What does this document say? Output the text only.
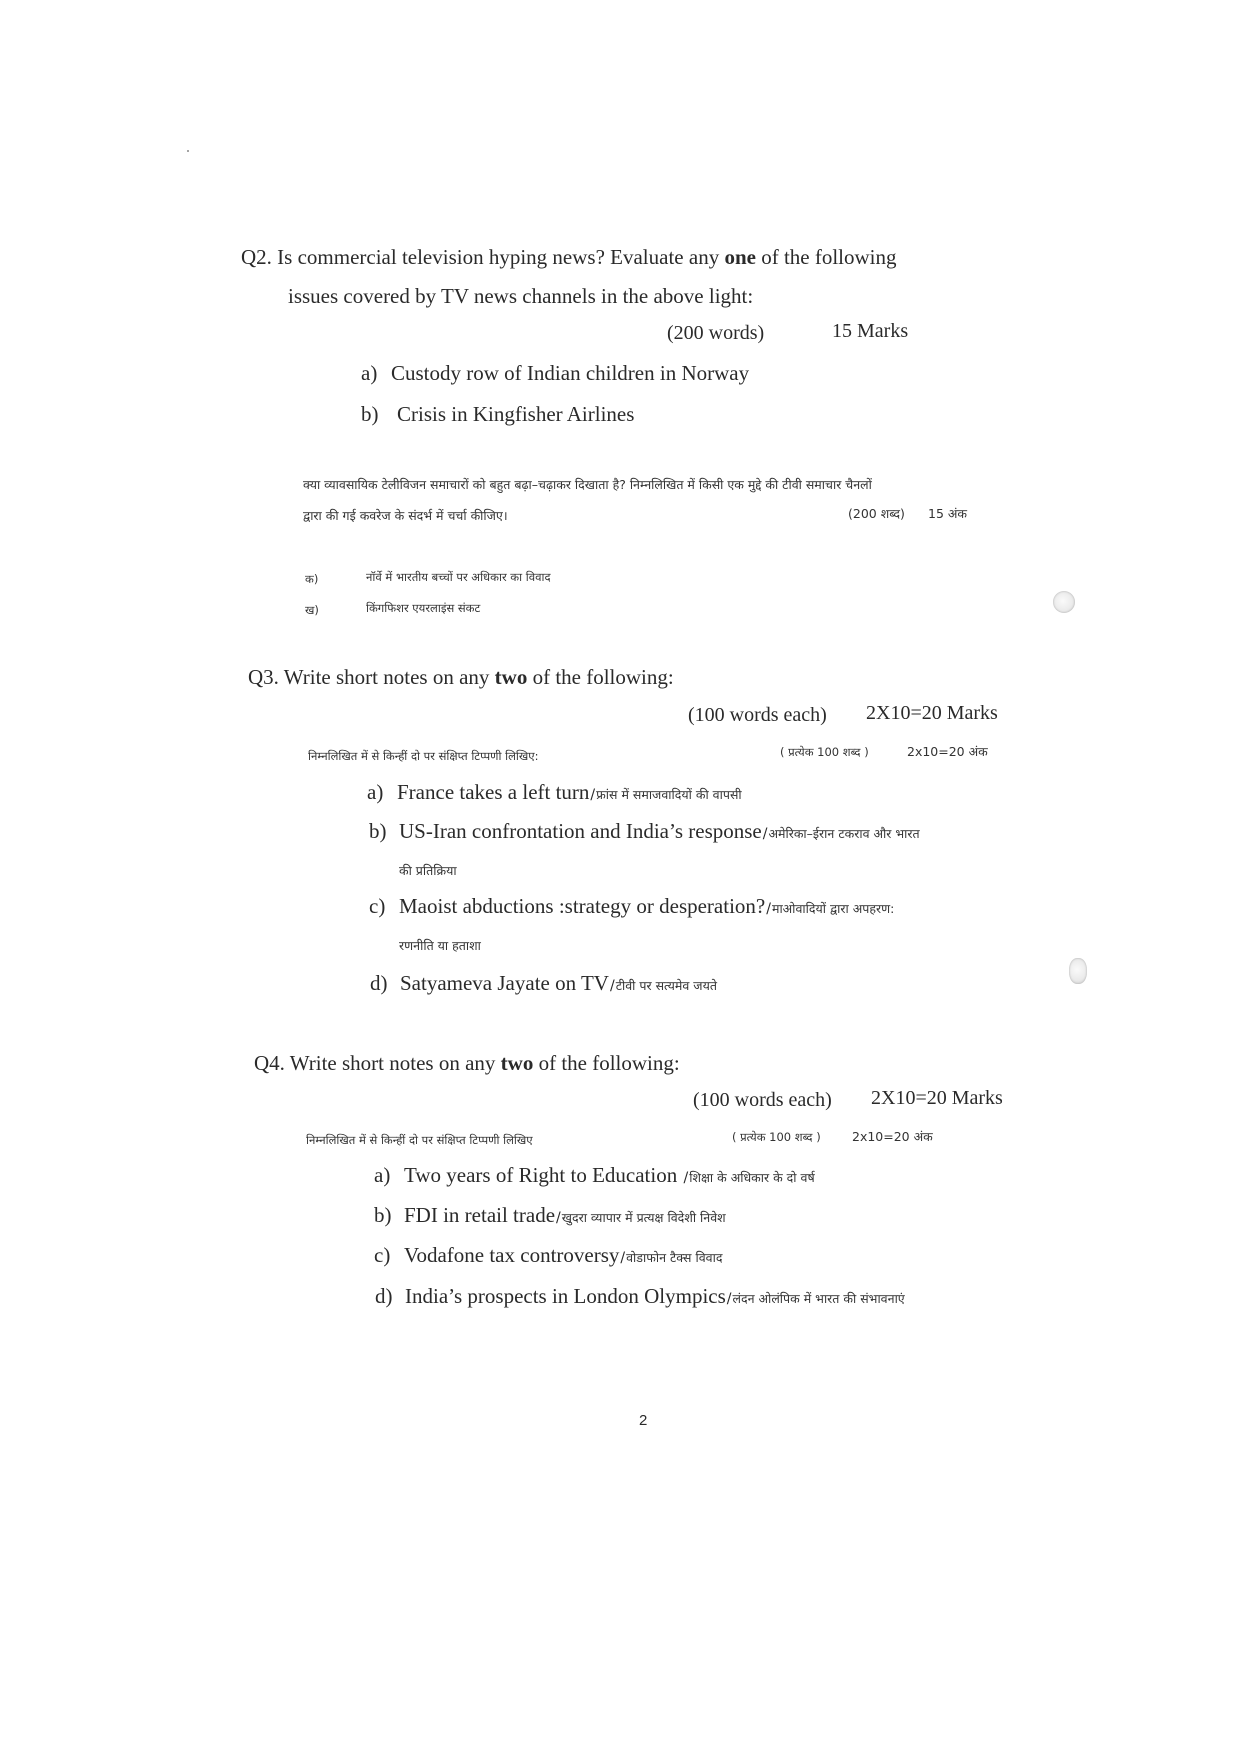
Q2. Is commercial television hyping news? Evaluate any one of the following
issues covered by TV news channels in the above light:
(200 words)	15 Marks
a) Custody row of Indian children in Norway
b) Crisis in Kingfisher Airlines
क्या व्यावसायिक टेलीविजन समाचारों को बहुत बढ़ा–चढ़ाकर दिखाता है? निम्नलिखित में किसी एक मुद्दे की टीवी समाचार चैनलों
द्वारा की गई कवरेज के संदर्भ में चर्चा कीजिए।	(200 शब्द) 15 अंक
क)	नॉर्वे में भारतीय बच्चों पर अधिकार का विवाद
ख)	किंगफिशर एयरलाइंस संकट
Q3. Write short notes on any two of the following:
(100 words each) 2X10=20 Marks
निम्नलिखित में से किन्हीं दो पर संक्षिप्त टिप्पणी लिखिए:	( प्रत्येक 100 शब्द )	2x10=20 अंक
a) France takes a left turn/फ्रांस में समाजवादियों की वापसी
b) US-Iran confrontation and India’s response/अमेरिका–ईरान टकराव और भारत
की प्रतिक्रिया
c) Maoist abductions :strategy or desperation?/माओवादियों द्वारा अपहरण:
रणनीति या हताशा
d) Satyameva Jayate on TV/टीवी पर सत्यमेव जयते
Q4. Write short notes on any two of the following:
(100 words each) 2X10=20 Marks
निम्नलिखित में से किन्हीं दो पर संक्षिप्त टिप्पणी लिखिए	( प्रत्येक 100 शब्द )	2x10=20 अंक
a) Two years of Right to Education /शिक्षा के अधिकार के दो वर्ष
b) FDI in retail trade/खुदरा व्यापार में प्रत्यक्ष विदेशी निवेश
c) Vodafone tax controversy/वोडाफोन टैक्स विवाद
d) India’s prospects in London Olympics/लंदन ओलंपिक में भारत की संभावनाएं
2
